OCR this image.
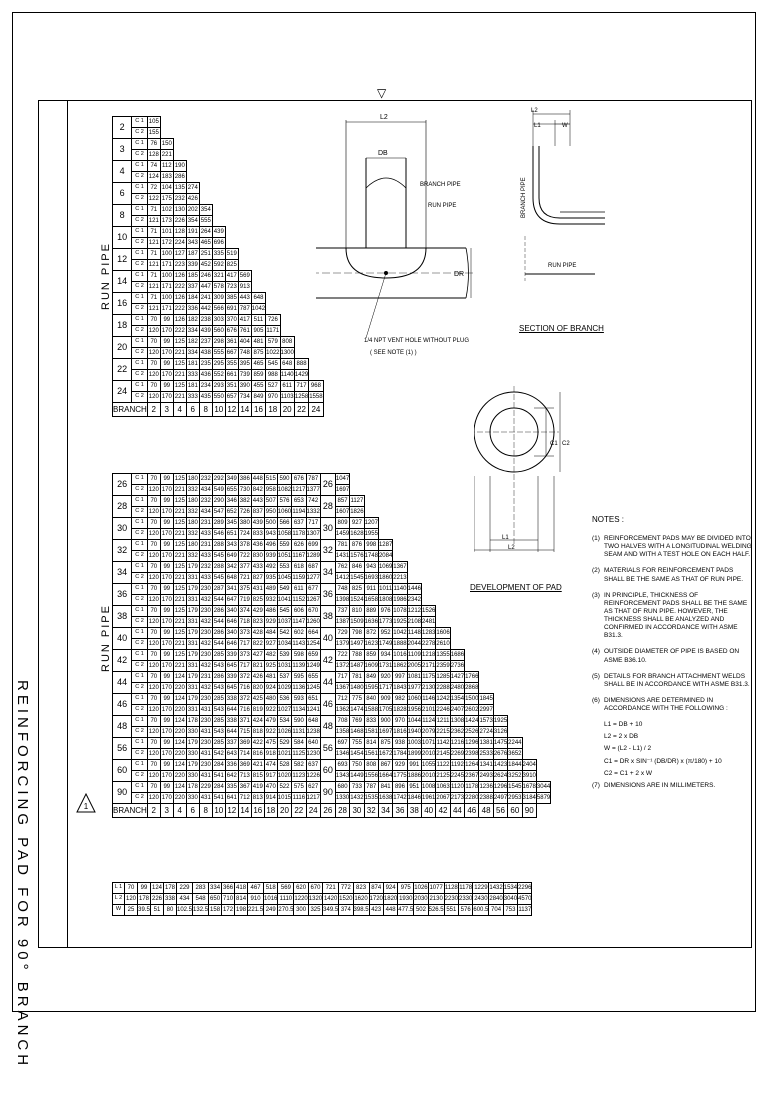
REINFORCING PAD FOR 90° BRANCH
▽
RUN PIPE
RUN PIPE
1
2	C 1	105												
	C 2	155												
3	C 1	76	150											
	C 2	128	221											
4	C 1	74	112	190										
	C 2	124	183	286										
6	C 1	72	104	135	274									
	C 2	122	175	232	426									
8	C 1	71	102	130	202	354								
	C 2	121	173	226	354	555								
10	C 1	71	101	128	191	264	439							
	C 2	121	172	224	343	465	696							
12	C 1	71	100	127	187	251	335	519						
	C 2	121	171	223	339	452	592	825						
14	C 1	71	100	126	185	246	321	417	569					
	C 2	121	171	222	337	447	578	723	913					
16	C 1	71	100	126	184	241	309	385	443	648				
	C 2	121	171	222	336	442	566	691	787	1042				
18	C 1	70	99	126	182	238	303	370	417	511	726			
	C 2	120	170	222	334	439	560	676	761	905	1171			
20	C 1	70	99	125	182	237	298	361	404	481	579	808		
	C 2	120	170	221	334	438	555	667	748	875	1022	1300		
22	C 1	70	99	125	181	235	295	355	395	465	545	648	888	
	C 2	120	170	221	333	436	552	661	739	859	988	1140	1429	
24	C 1	70	99	125	181	234	293	351	390	455	527	611	717	968
	C 2	120	170	221	333	435	550	657	734	849	970	1103	1258	1558
BRANCH		2	3	4	6	8	10	12	14	16	18	20	22	24
26	C 1	70	99	125	180	232	292	349	386	448	515	590	676	787	26	1047														
	C 2	120	170	221	332	434	549	655	730	842	958	1082	1217	1377		1697														
28	C 1	70	99	125	180	232	290	346	382	443	507	576	653	742	28	857	1127													
	C 2	120	170	221	332	434	547	652	726	837	950	1060	1194	1332		1607	1826													
30	C 1	70	99	125	180	231	289	345	380	439	500	566	637	717	30	809	927	1207												
	C 2	120	170	221	332	433	546	651	724	833	943	1058	1178	1307		1459	1628	1955												
32	C 1	70	99	125	180	231	288	343	378	436	496	559	626	699	32	781	876	998	1287											
	C 2	120	170	221	332	433	545	649	722	830	939	1051	1167	1289		1431	1576	1748	2084											
34	C 1	70	99	125	179	232	288	342	377	433	492	553	618	687	34	762	846	943	1069	1367										
	C 2	120	170	221	331	433	545	648	721	827	935	1045	1159	1277		1412	1545	1693	1860	2213										
36	C 1	70	99	125	179	230	287	341	375	431	489	549	611	677	36	748	825	911	1011	1140	1446									
	C 2	120	170	221	331	432	544	647	719	825	932	1041	1152	1267		1398	1524	1658	1808	1986	2342									
38	C 1	70	99	125	179	230	286	340	374	429	486	545	606	670	38	737	810	889	976	1078	1212	1526								
	C 2	120	170	221	331	432	544	646	718	823	929	1037	1147	1260		1387	1509	1636	1773	1925	2108	2481								
40	C 1	70	99	125	179	230	286	340	373	428	484	542	602	664	40	729	798	872	952	1042	1148	1283	1606							
	C 2	120	170	221	331	432	544	646	717	822	927	1034	1143	1254		1379	1497	1623	1749	1888	2044	2278	2610							
42	C 1	70	99	125	179	230	285	339	373	427	482	539	598	659	42	722	788	859	934	1016	1109	1218	1355	1686						
	C 2	120	170	221	331	432	543	645	717	821	925	1031	1139	1249		1372	1487	1609	1731	1862	2005	2171	2359	2736						
44	C 1	70	99	124	179	231	286	339	372	426	481	537	595	655	44	717	781	849	920	997	1081	1175	1285	1427	1766					
	C 2	120	170	220	331	432	543	645	716	820	924	1029	1136	1245		1367	1480	1595	1717	1843	1977	2130	2288	2480	2868					
46	C 1	70	99	124	179	230	285	338	372	425	480	536	593	651	46	712	775	840	909	982	1060	1146	1242	1354	1500	1845				
	C 2	120	170	220	331	431	543	644	716	819	922	1027	1134	1241		1362	1474	1588	1705	1828	1956	2101	2246	2407	2602	2997				
48	C 1	70	99	124	178	230	285	338	371	424	479	534	590	648	48	708	769	833	900	970	1044	1124	1211	1308	1424	1573	1925			
	C 2	120	170	220	330	431	543	644	715	818	922	1026	1131	1238		1358	1468	1581	1697	1816	1940	2079	2215	2362	2526	2724	3126			
56	C 1	70	99	124	179	230	285	337	369	422	475	529	584	640	56	697	755	814	875	938	1003	1071	1142	1216	1296	1381	1475	2244		
	C 2	120	170	220	330	431	542	643	714	816	918	1021	1125	1230		1346	1454	1561	1672	1784	1899	2010	2145	2269	2398	2533	2676	3652		
60	C 1	70	99	124	179	230	284	336	369	421	474	528	582	637	60	693	750	808	867	929	991	1055	1122	1192	1264	1341	1423	1844	2404	
	C 2	120	170	220	330	431	541	642	713	815	917	1020	1123	1226		1343	1449	1556	1664	1775	1886	2010	2125	2245	2367	2493	2624	3252	3910	
90	C 1	70	99	124	178	229	284	335	367	419	470	522	575	627	90	680	733	787	841	896	951	1008	1063	1120	1178	1236	1296	1545	1678	3044
	C 2	120	170	220	330	431	541	641	712	813	914	1015	1116	1217		1330	1432	1535	1638	1742	1846	1961	2067	2173	2280	2388	2497	2953	3184	5879
BRANCH		2	3	4	6	8	10	12	14	16	18	20	22	24	26	28	30	32	34	36	38	40	42	44	46	48	56	60	90	
L 1	70	99	124	178	229	283	334	366	418	467	518	569	620	670	721	772	823	874	924	975	1026	1077	1128	1178	1229	1432	1534	2296
L 2	120	178	226	338	434	548	650	710	814	910	1016	1110	1220	1320	1420	1520	1620	1720	1820	1930	2030	2130	2230	2330	2430	2840	3040	4570
W	25	39.5	51	80	102.5	132.5	158	172	198	221.5	249	270.5	300	325	349.5	374	398.5	423	448	477.5	502	526.5	551	576	600.5	704	753	1137
L2
DB
DR
BRANCH PIPE
RUN PIPE
1/4 NPT VENT HOLE WITHOUT PLUG
( SEE NOTE (1) )
L2
L1	W
BRANCH PIPE
RUN PIPE
SECTION OF BRANCH
C1 C2
L1
L2
DEVELOPMENT OF PAD
NOTES :
(1) REINFORCEMENT PADS MAY BE DIVIDED INTO TWO HALVES WITH A LONGITUDINAL WELDING SEAM AND WITH A TEST HOLE ON EACH HALF.
(2) MATERIALS FOR REINFORCEMENT PADS SHALL BE THE SAME AS THAT OF RUN PIPE.
(3) IN PRINCIPLE, THICKNESS OF REINFORCEMENT PADS SHALL BE THE SAME AS THAT OF RUN PIPE. HOWEVER, THE THICKNESS SHALL BE ANALYZED AND CONFIRMED IN ACCORDANCE WITH ASME B31.3.
(4) OUTSIDE DIAMETER OF PIPE IS BASED ON ASME B36.10.
(5) DETAILS FOR BRANCH ATTACHMENT WELDS SHALL BE IN ACCORDANCE WITH ASME B31.3.
(6) DIMENSIONS ARE DETERMINED IN ACCORDANCE WITH THE FOLLOWING :
L1 = DB + 10
L2 = 2 x DB
W = (L2 - L1) / 2
C1 = DR x SIN⁻¹ (DB/DR) x (π/180) + 10
C2 = C1 + 2 x W
(7) DIMENSIONS ARE IN MILLIMETERS.
